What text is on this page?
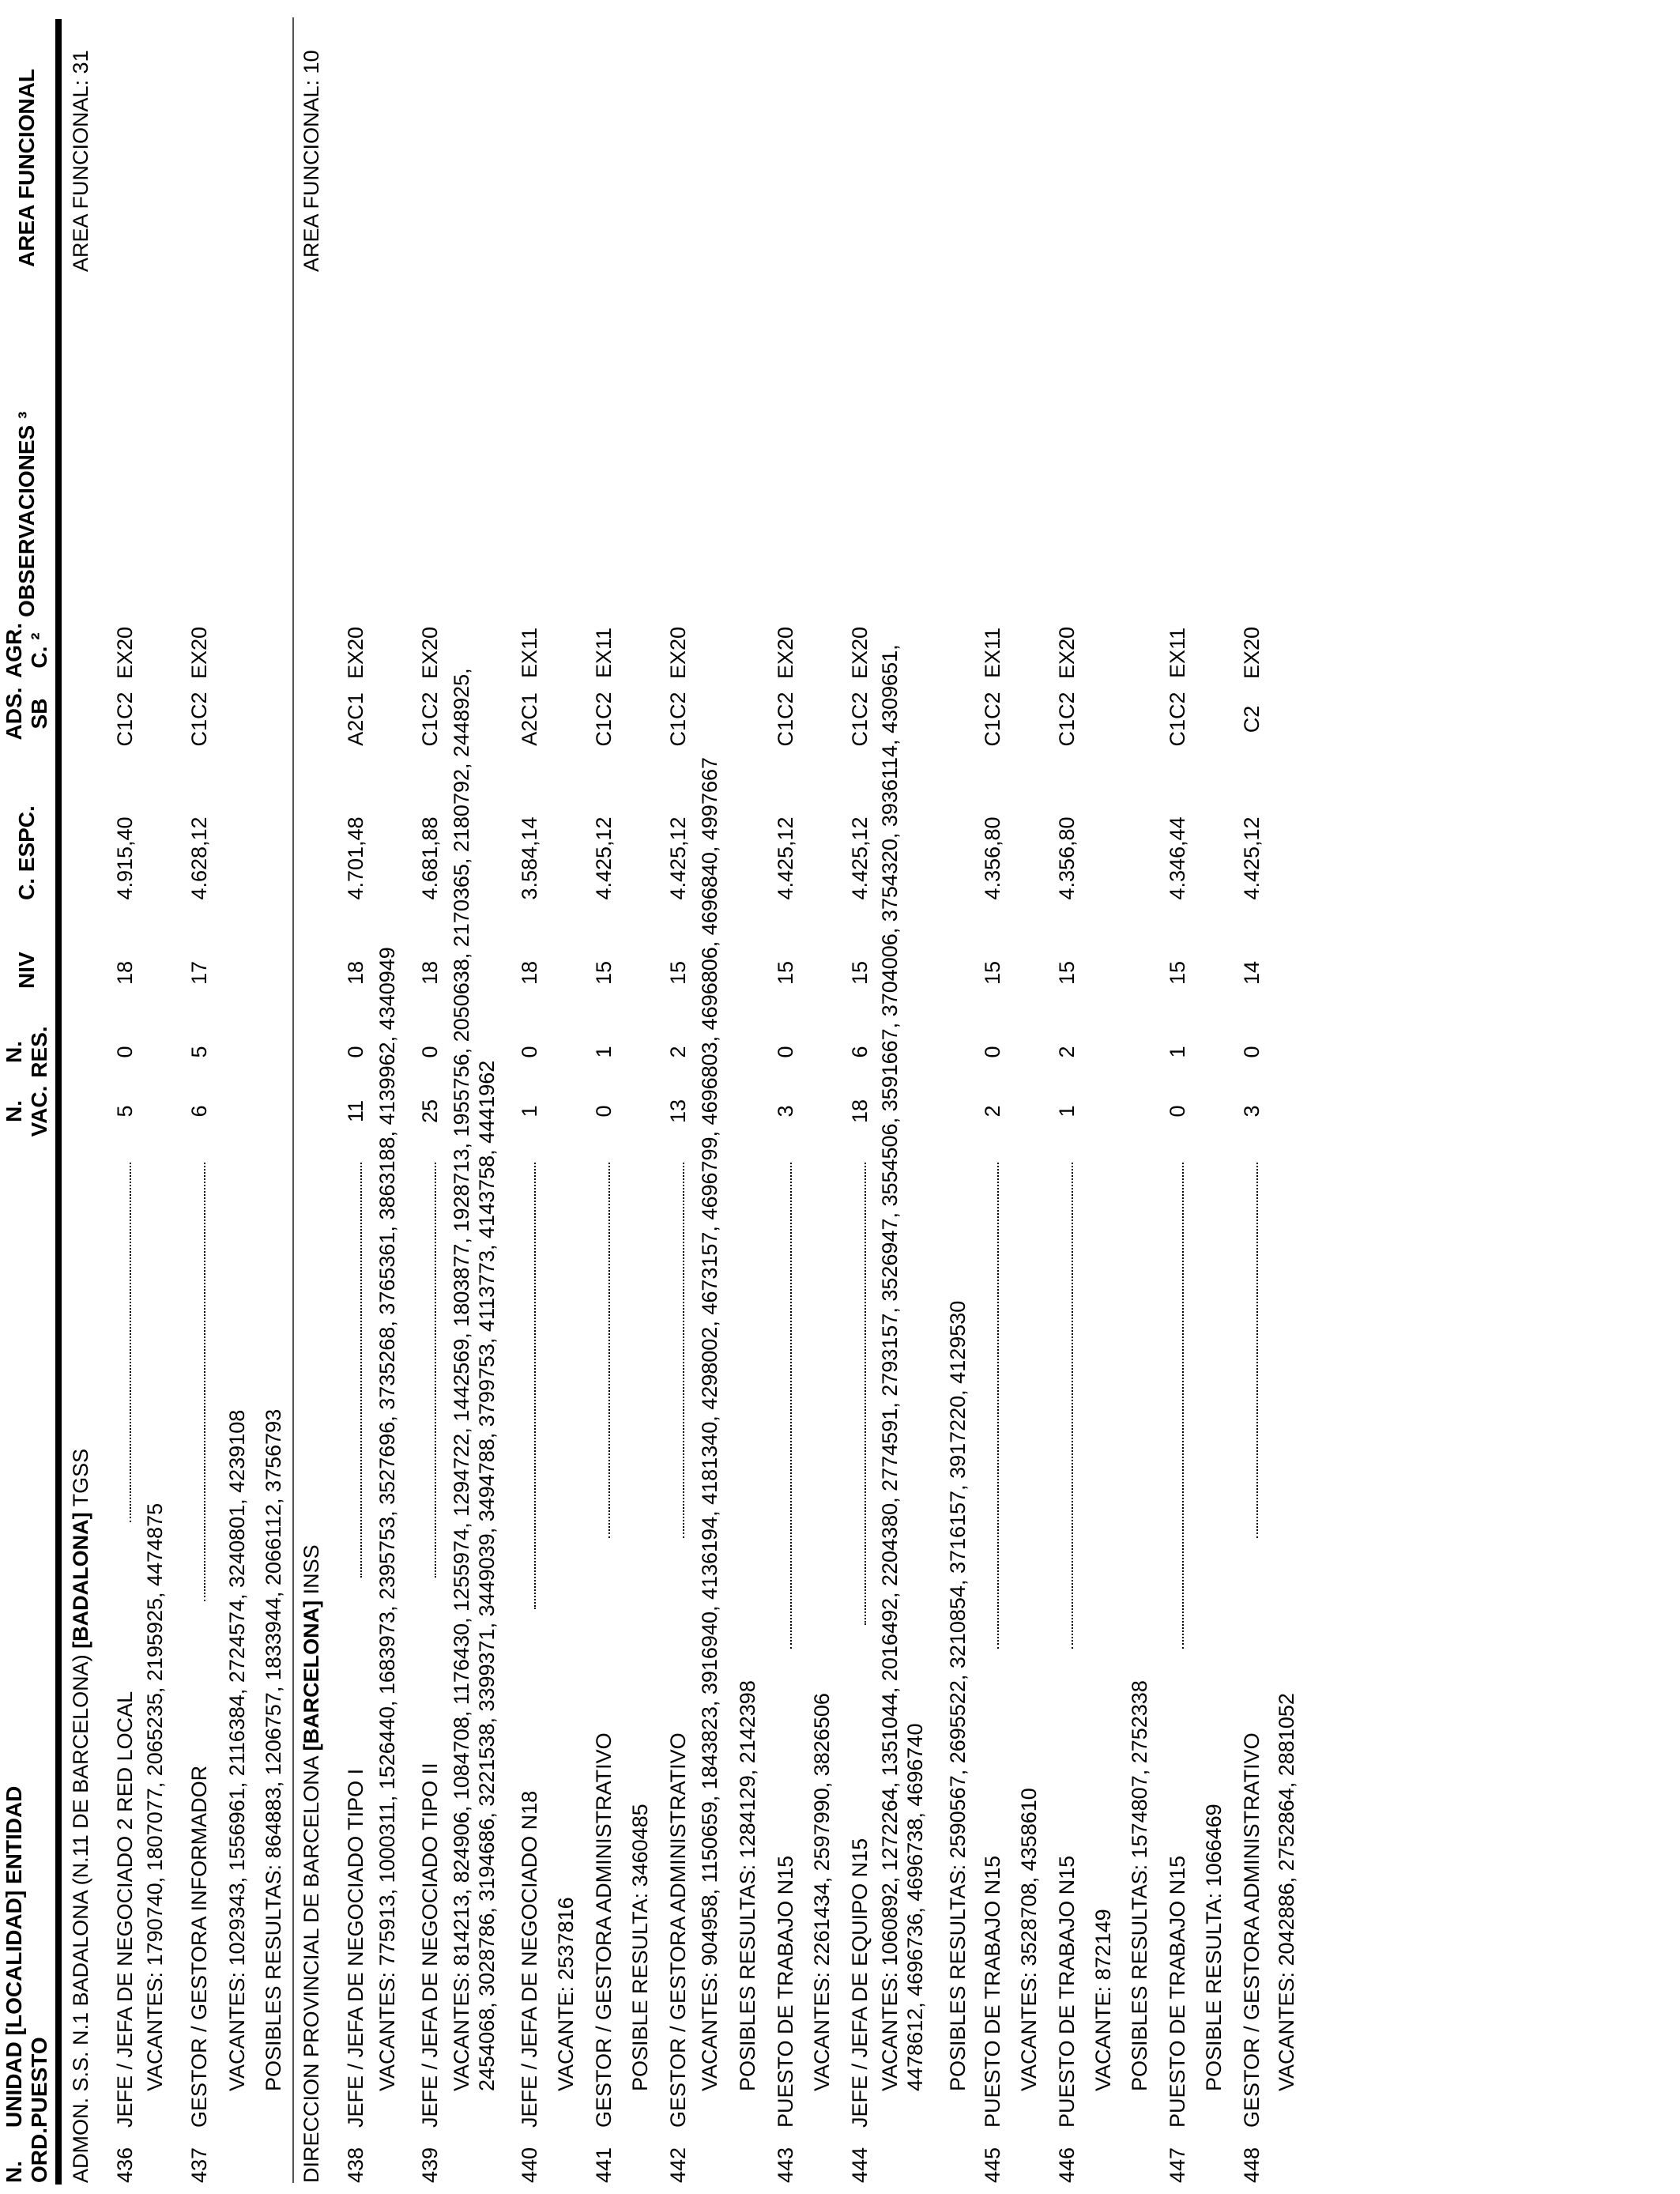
N. ORD.
UNIDAD [LOCALIDAD] ENTIDAD PUESTO
N. VAC.
N. RES.
NIV
C. ESPC.
ADS. SB
AGR. C. ²
OBSERVACIONES ³
AREA FUNCIONAL
ADMON. S.S. N.1 BADALONA (N.11 DE BARCELONA) [BADALONA] TGSS
AREA FUNCIONAL: 31
436
JEFE / JEFA DE NEGOCIADO 2 RED LOCAL
5
0
18
4.915,40
C1C2
EX20
VACANTES: 1790740, 1807077, 2065235, 2195925, 4474875
437
GESTOR / GESTORA INFORMADOR
6
5
17
4.628,12
C1C2
EX20
VACANTES: 1029343, 1556961, 2116384, 2724574, 3240801, 4239108 POSIBLES RESULTAS: 864883, 1206757, 1833944, 2066112, 3756793 DIRECCION PROVINCIAL DE BARCELONA [BARCELONA] INSS
AREA FUNCIONAL: 10
438
JEFE / JEFA DE NEGOCIADO TIPO I
11
0
18
4.701,48
A2C1
EX20
VACANTES: 775913, 1000311, 1526440, 1683973, 2395753, 3527696, 3735268, 3765361, 3863188, 4139962, 4340949
439
JEFE / JEFA DE NEGOCIADO TIPO II
25
0
18
4.681,88
C1C2
EX20
VACANTES: 814213, 824906, 1084708, 1176430, 1255974, 1294722, 1442569, 1803877, 1928713, 1955756, 2050638, 2170365, 2180792, 2448925, 2454068, 3028786, 3194686, 3221538, 3399371, 3449039, 3494788, 3799753, 4113773, 4143758, 4441962
440
JEFE / JEFA DE NEGOCIADO N18
1
0
18
3.584,14
A2C1
EX11
VACANTE: 2537816
441
GESTOR / GESTORA ADMINISTRATIVO
0
1
15
4.425,12
C1C2
EX11
POSIBLE RESULTA: 3460485
442
GESTOR / GESTORA ADMINISTRATIVO
13
2
15
4.425,12
C1C2
EX20
VACANTES: 904958, 1150659, 1843823, 3916940, 4136194, 4181340, 4298002, 4673157, 4696799, 4696803, 4696806, 4696840, 4997667 POSIBLES RESULTAS: 1284129, 2142398
443
PUESTO DE TRABAJO N15
3
0
15
4.425,12
C1C2
EX20
VACANTES: 2261434, 2597990, 3826506
444
JEFE / JEFA DE EQUIPO N15
18
6
15
4.425,12
C1C2
EX20 VACANTES: 1060892, 1272264, 1351044, 2016492, 2204380, 2774591, 2793157, 3526947, 3554506, 3591667, 3704006, 3754320, 3936114, 4309651, 4478612, 4696736, 4696738, 4696740 POSIBLES RESULTAS: 2590567, 2695522, 3210854, 3716157, 3917220, 4129530
445
PUESTO DE TRABAJO N15
2
0
15
4.356,80
C1C2
EX11
VACANTES: 3528708, 4358610
446
PUESTO DE TRABAJO N15
1
2
15
4.356,80
C1C2
EX20
VACANTE: 872149 POSIBLES RESULTAS: 1574807, 2752338
447
PUESTO DE TRABAJO N15
0
1
15
4.346,44
C1C2
EX11
POSIBLE RESULTA: 1066469
448
GESTOR / GESTORA ADMINISTRATIVO
3
0
14
4.425,12
C2
EX20
VACANTES: 2042886, 2752864, 2881052
